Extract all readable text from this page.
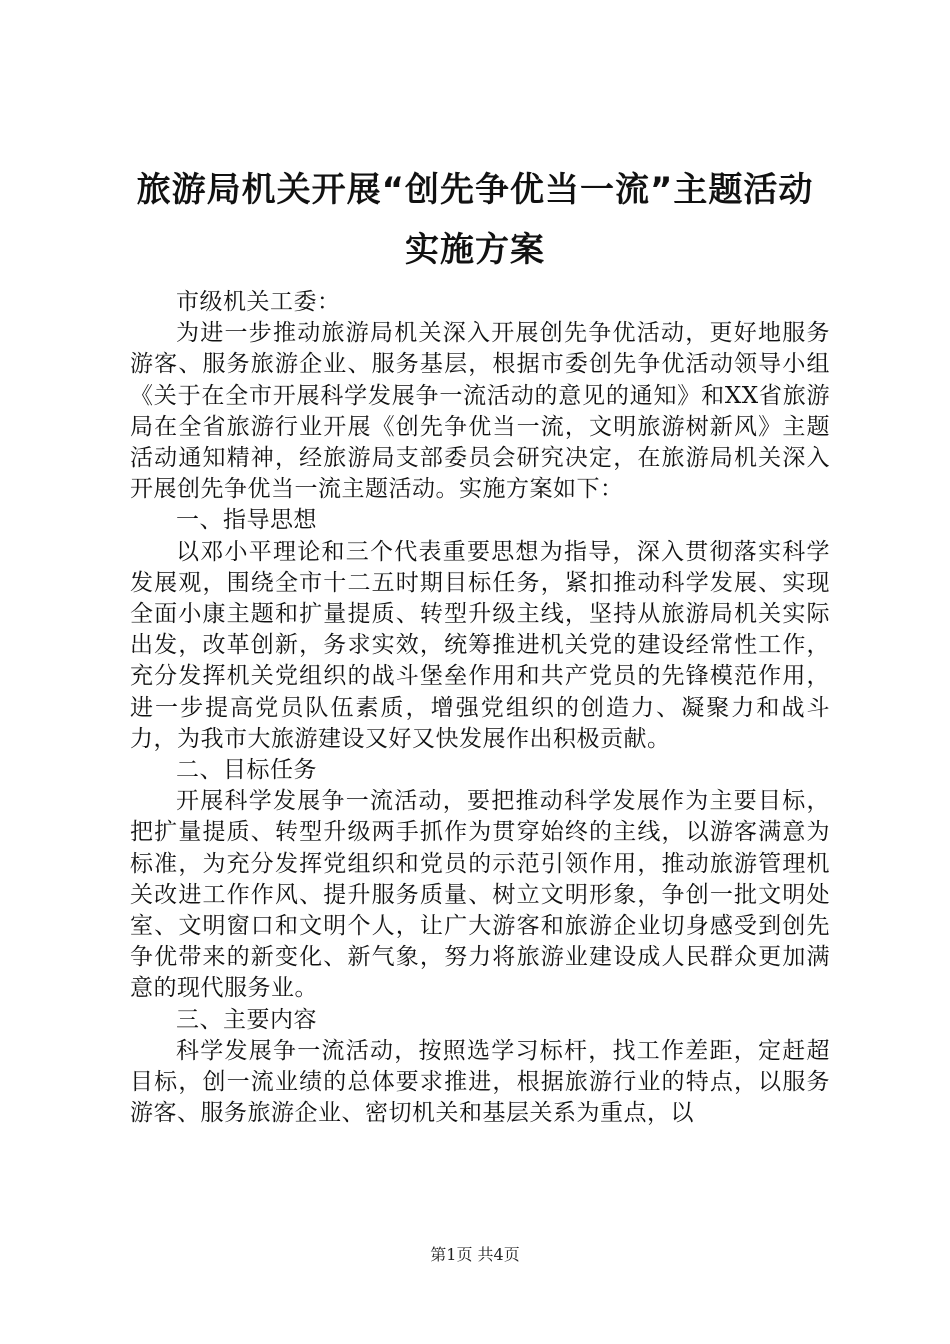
旅游局机关开展“创先争优当一流”主题活动
实施方案

市级机关工委：

为进一步推动旅游局机关深入开展创先争优活动，更好地服务游客、服务旅游企业、服务基层，根据市委创先争优活动领导小组《关于在全市开展科学发展争一流活动的意见的通知》和XX省旅游局在全省旅游行业开展《创先争优当一流，文明旅游树新风》主题活动通知精神，经旅游局支部委员会研究决定，在旅游局机关深入开展创先争优当一流主题活动。实施方案如下：

一、指导思想

以邓小平理论和三个代表重要思想为指导，深入贯彻落实科学发展观，围绕全市十二五时期目标任务，紧扣推动科学发展、实现全面小康主题和扩量提质、转型升级主线，坚持从旅游局机关实际出发，改革创新，务求实效，统筹推进机关党的建设经常性工作，充分发挥机关党组织的战斗堡垒作用和共产党员的先锋模范作用，进一步提高党员队伍素质，增强党组织的创造力、凝聚力和战斗力，为我市大旅游建设又好又快发展作出积极贡献。

二、目标任务

开展科学发展争一流活动，要把推动科学发展作为主要目标，把扩量提质、转型升级两手抓作为贯穿始终的主线，以游客满意为标准，为充分发挥党组织和党员的示范引领作用，推动旅游管理机关改进工作作风、提升服务质量、树立文明形象，争创一批文明处室、文明窗口和文明个人，让广大游客和旅游企业切身感受到创先争优带来的新变化、新气象，努力将旅游业建设成人民群众更加满意的现代服务业。

三、主要内容

科学发展争一流活动，按照选学习标杆，找工作差距，定赶超目标，创一流业绩的总体要求推进，根据旅游行业的特点，以服务游客、服务旅游企业、密切机关和基层关系为重点，以

第1页 共4页
